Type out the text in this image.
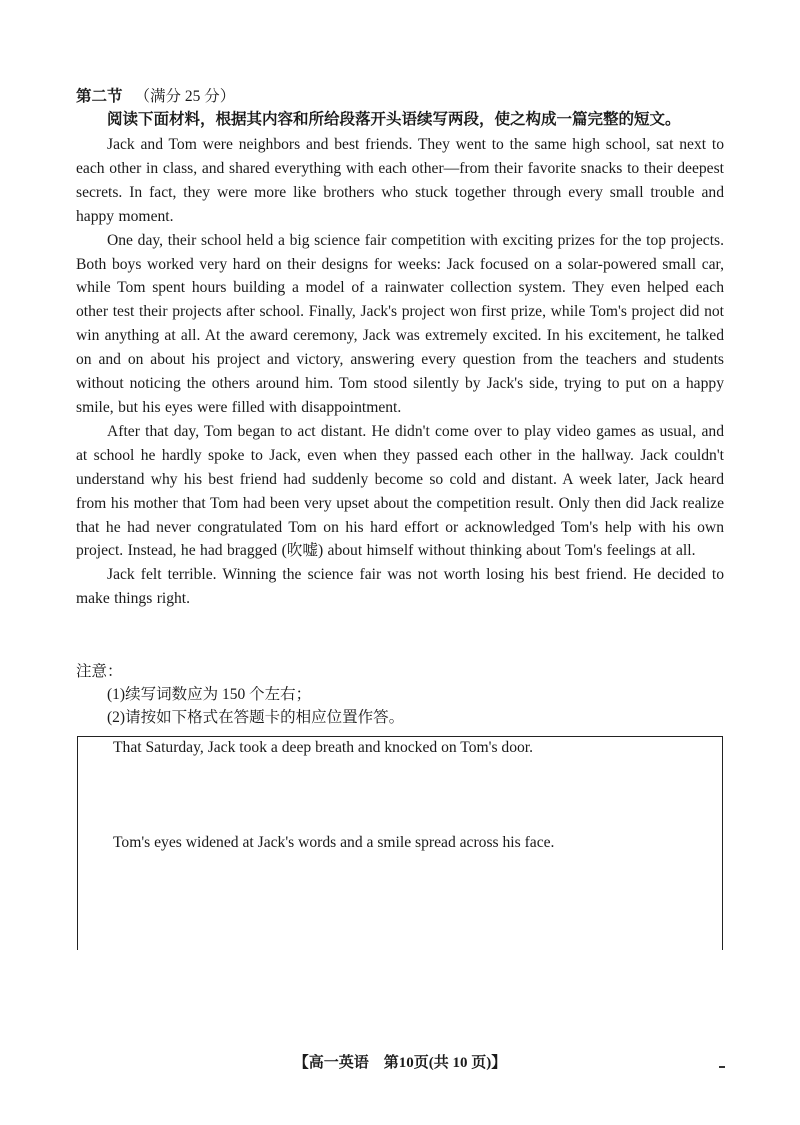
第二节 （满分 25 分）
阅读下面材料，根据其内容和所给段落开头语续写两段，使之构成一篇完整的短文。

Jack and Tom were neighbors and best friends. They went to the same high school, sat next to each other in class, and shared everything with each other—from their favorite snacks to their deepest secrets. In fact, they were more like brothers who stuck together through every small trouble and happy moment.

One day, their school held a big science fair competition with exciting prizes for the top projects. Both boys worked very hard on their designs for weeks: Jack focused on a solar-powered small car, while Tom spent hours building a model of a rainwater collection system. They even helped each other test their projects after school. Finally, Jack's project won first prize, while Tom's project did not win anything at all. At the award ceremony, Jack was extremely excited. In his excitement, he talked on and on about his project and victory, answering every question from the teachers and students without noticing the others around him. Tom stood silently by Jack's side, trying to put on a happy smile, but his eyes were filled with disappointment.

After that day, Tom began to act distant. He didn't come over to play video games as usual, and at school he hardly spoke to Jack, even when they passed each other in the hallway. Jack couldn't understand why his best friend had suddenly become so cold and distant. A week later, Jack heard from his mother that Tom had been very upset about the competition result. Only then did Jack realize that he had never congratulated Tom on his hard effort or acknowledged Tom's help with his own project. Instead, he had bragged (吹嘘) about himself without thinking about Tom's feelings at all.

Jack felt terrible. Winning the science fair was not worth losing his best friend. He decided to make things right.

注意：

(1)续写词数应为 150 个左右；

(2)请按如下格式在答题卡的相应位置作答。

That Saturday, Jack took a deep breath and knocked on Tom's door.
Tom's eyes widened at Jack's words and a smile spread across his face.
【高一英语　第10页(共 10 页)】
